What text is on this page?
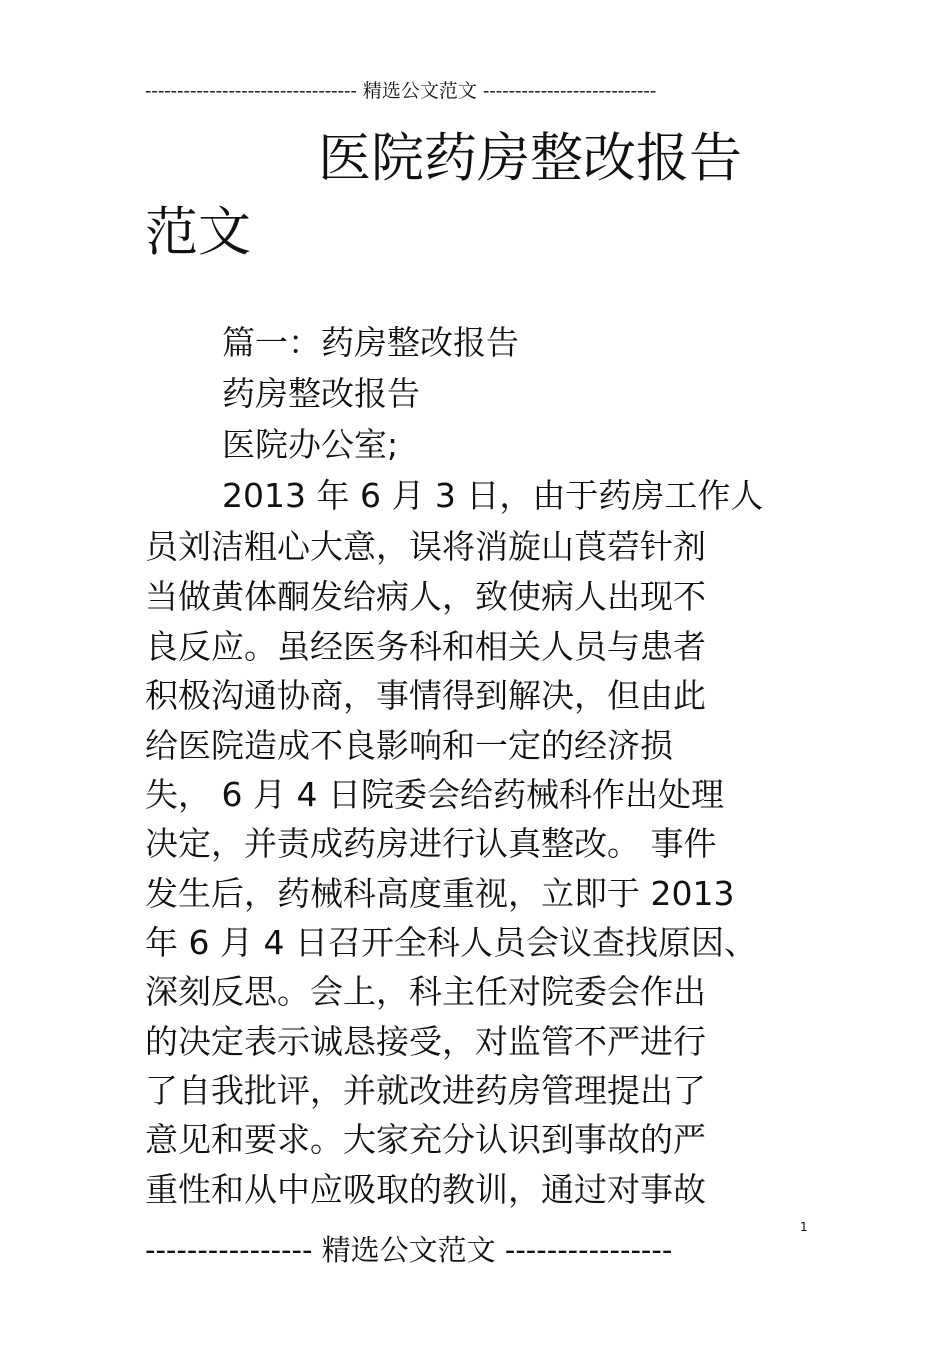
--------------------------------- 精选公文范文 ---------------------------
医院药房整改报告
范文
篇一：药房整改报告
药房整改报告
医院办公室;
2013 年 6 月 3 日，由于药房工作人
员刘洁粗心大意，误将消旋山莨菪针剂
当做黄体酮发给病人，致使病人出现不
良反应。虽经医务科和相关人员与患者
积极沟通协商，事情得到解决，但由此
给医院造成不良影响和一定的经济损
失， 6 月 4 日院委会给药械科作出处理
决定，并责成药房进行认真整改。 事件
发生后，药械科高度重视，立即于 2013
年 6 月 4 日召开全科人员会议查找原因、
深刻反思。会上，科主任对院委会作出
的决定表示诚恳接受，对监管不严进行
了自我批评，并就改进药房管理提出了
意见和要求。大家充分认识到事故的严
重性和从中应吸取的教训，通过对事故
1
---------------- 精选公文范文 ----------------
